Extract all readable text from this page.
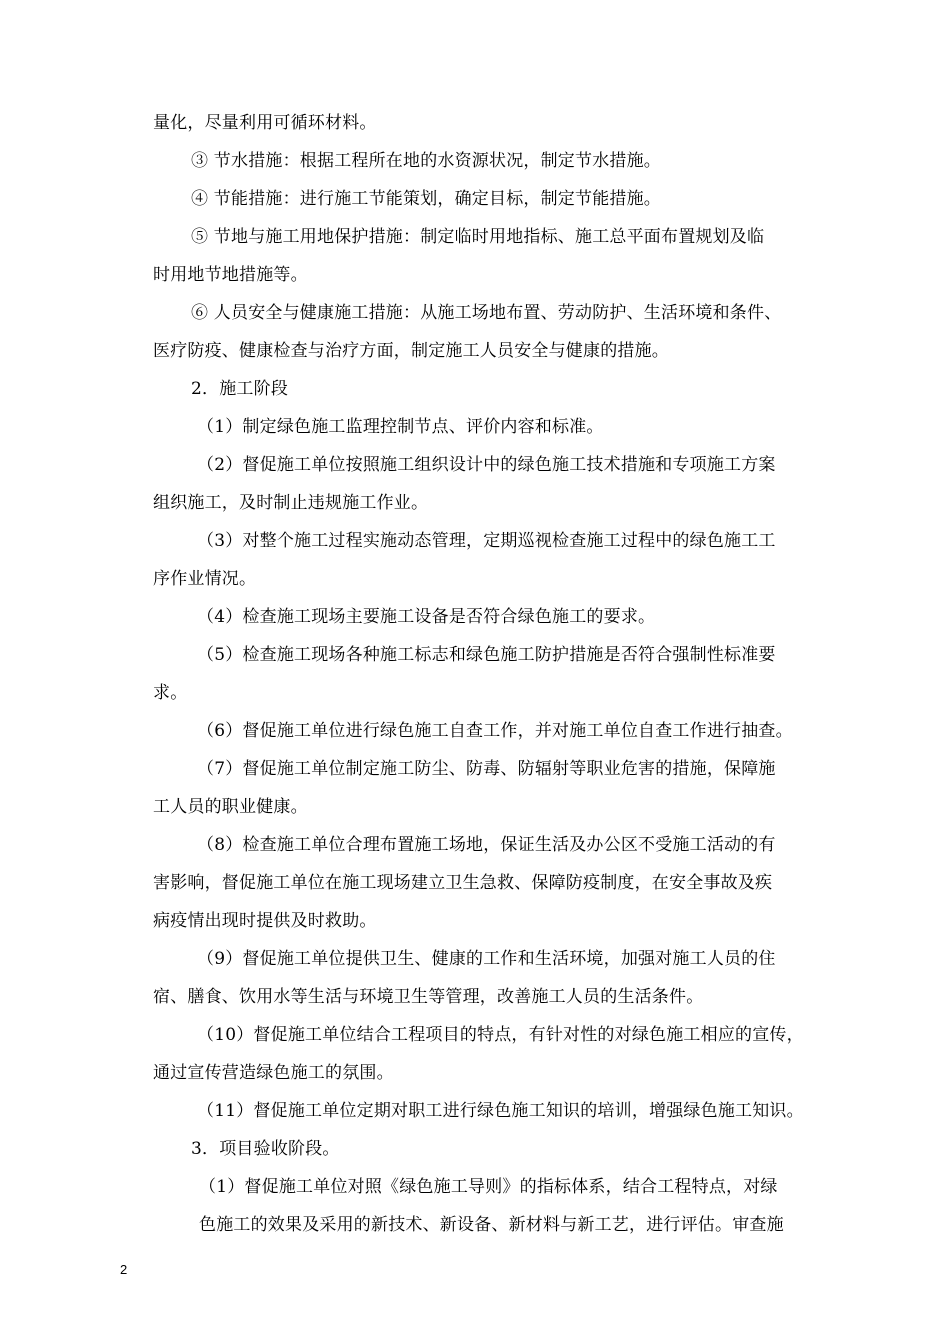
量化，尽量利用可循环材料。

③ 节水措施：根据工程所在地的水资源状况，制定节水措施。

④ 节能措施：进行施工节能策划，确定目标，制定节能措施。

⑤ 节地与施工用地保护措施：制定临时用地指标、施工总平面布置规划及临

时用地节地措施等。

⑥ 人员安全与健康施工措施：从施工场地布置、劳动防护、生活环境和条件、

医疗防疫、健康检查与治疗方面，制定施工人员安全与健康的措施。

2．施工阶段

（1）制定绿色施工监理控制节点、评价内容和标准。

（2）督促施工单位按照施工组织设计中的绿色施工技术措施和专项施工方案

组织施工，及时制止违规施工作业。

（3）对整个施工过程实施动态管理，定期巡视检查施工过程中的绿色施工工

序作业情况。

（4）检查施工现场主要施工设备是否符合绿色施工的要求。

（5）检查施工现场各种施工标志和绿色施工防护措施是否符合强制性标准要

求。

（6）督促施工单位进行绿色施工自查工作，并对施工单位自查工作进行抽查。

（7）督促施工单位制定施工防尘、防毒、防辐射等职业危害的措施，保障施

工人员的职业健康。

（8）检查施工单位合理布置施工场地，保证生活及办公区不受施工活动的有

害影响，督促施工单位在施工现场建立卫生急救、保障防疫制度，在安全事故及疾

病疫情出现时提供及时救助。

（9）督促施工单位提供卫生、健康的工作和生活环境，加强对施工人员的住

宿、膳食、饮用水等生活与环境卫生等管理，改善施工人员的生活条件。

（10）督促施工单位结合工程项目的特点，有针对性的对绿色施工相应的宣传，

通过宣传营造绿色施工的氛围。

（11）督促施工单位定期对职工进行绿色施工知识的培训，增强绿色施工知识。

3．项目验收阶段。

（1）督促施工单位对照《绿色施工导则》的指标体系，结合工程特点，对绿

色施工的效果及采用的新技术、新设备、新材料与新工艺，进行评估。审查施

2
